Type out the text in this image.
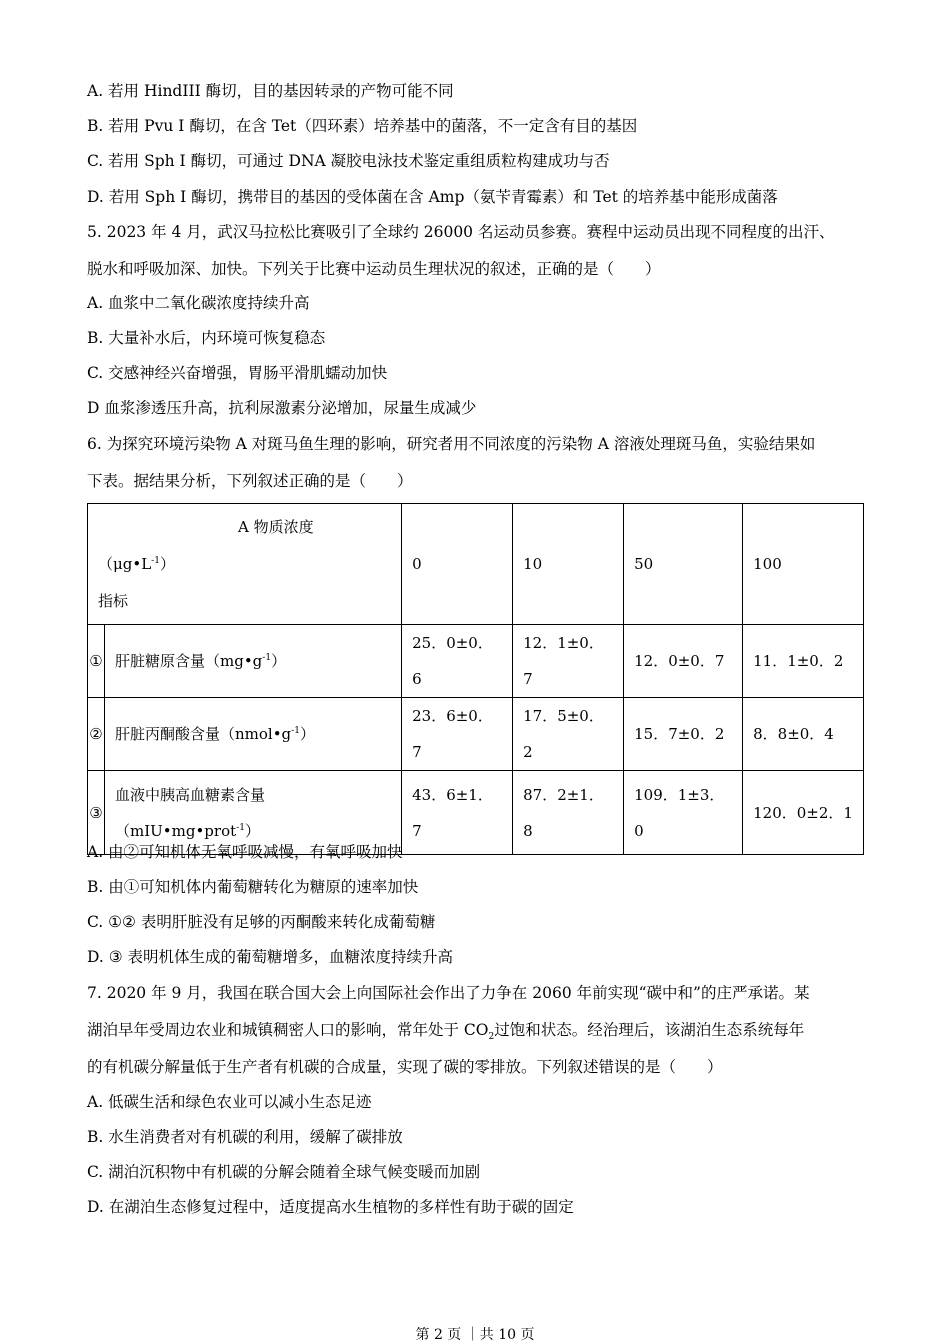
A. 若用 HindIII 酶切，目的基因转录的产物可能不同
B. 若用 Pvu Ⅰ 酶切，在含 Tet（四环素）培养基中的菌落，不一定含有目的基因
C. 若用 Sph Ⅰ 酶切，可通过 DNA 凝胶电泳技术鉴定重组质粒构建成功与否
D. 若用 Sph Ⅰ 酶切，携带目的基因的受体菌在含 Amp（氨苄青霉素）和 Tet 的培养基中能形成菌落
5. 2023 年 4 月，武汉马拉松比赛吸引了全球约 26000 名运动员参赛。赛程中运动员出现不同程度的出汗、
脱水和呼吸加深、加快。下列关于比赛中运动员生理状况的叙述，正确的是（　　）
A. 血浆中二氧化碳浓度持续升高
B. 大量补水后，内环境可恢复稳态
C. 交感神经兴奋增强，胃肠平滑肌蠕动加快
D 血浆渗透压升高，抗利尿激素分泌增加，尿量生成减少
6. 为探究环境污染物 A 对斑马鱼生理的影响，研究者用不同浓度的污染物 A 溶液处理斑马鱼，实验结果如
下表。据结果分析，下列叙述正确的是（　　）
A 物质浓度
$(\mu g•L^{-1})$
指标		0	10	50	100
①	肝脏糖原含量$(mg•g^{-1})$	25．0±0．6	12．1±0．7	12．0±0．7	11．1±0．2
②	肝脏丙酮酸含量$(nmol•g^{-1})$	23．6±0．7	17．5±0．2	15．7±0．2	8．8±0．4
③	血液中胰高血糖素含量
（mIU•mg•prot$^{-1}$）	43．6±1．7	87．2±1．8	109．1±3．0	120．0±2．1
A. 由②可知机体无氧呼吸减慢，有氧呼吸加快
B. 由①可知机体内葡萄糖转化为糖原的速率加快
C. ①② 表明肝脏没有足够的丙酮酸来转化成葡萄糖
D. ③ 表明机体生成的葡萄糖增多，血糖浓度持续升高
7. 2020 年 9 月，我国在联合国大会上向国际社会作出了力争在 2060 年前实现“碳中和”的庄严承诺。某
湖泊早年受周边农业和城镇稠密人口的影响，常年处于 $CO_2$过饱和状态。经治理后，该湖泊生态系统每年
的有机碳分解量低于生产者有机碳的合成量，实现了碳的零排放。下列叙述错误的是（　　）
A. 低碳生活和绿色农业可以减小生态足迹
B. 水生消费者对有机碳的利用，缓解了碳排放
C. 湖泊沉积物中有机碳的分解会随着全球气候变暖而加剧
D. 在湖泊生态修复过程中，适度提高水生植物的多样性有助于碳的固定
第 2 页 ｜共 10 页
